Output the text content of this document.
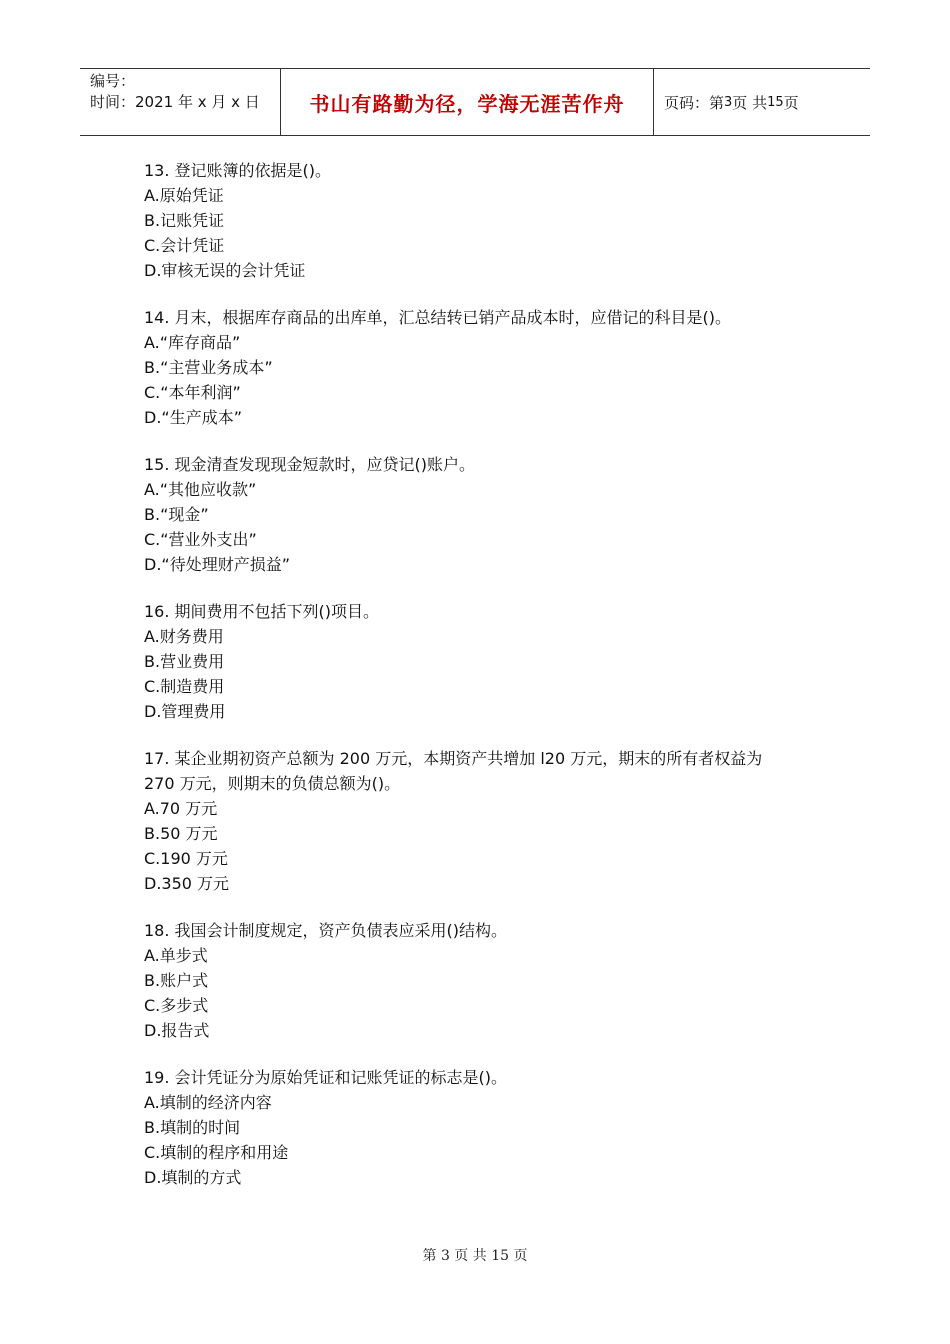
编号：
时间：2021 年 x 月 x 日	书山有路勤为径，学海无涯苦作舟	页码：第 3 页 共 15 页
13. 登记账簿的依据是()。
A.原始凭证
B.记账凭证
C.会计凭证
D.审核无误的会计凭证
14. 月末，根据库存商品的出库单，汇总结转已销产品成本时，应借记的科目是()。
A.“库存商品”
B.“主营业务成本”
C.“本年利润”
D.“生产成本”
15. 现金清查发现现金短款时，应贷记()账户。
A.“其他应收款”
B.“现金”
C.“营业外支出”
D.“待处理财产损益”
16. 期间费用不包括下列()项目。
A.财务费用
B.营业费用
C.制造费用
D.管理费用
17. 某企业期初资产总额为 200 万元，本期资产共增加 l20 万元，期末的所有者权益为
270 万元，则期末的负债总额为()。
A.70 万元
B.50 万元
C.190 万元
D.350 万元
18. 我国会计制度规定，资产负债表应采用()结构。
A.单步式
B.账户式
C.多步式
D.报告式
19. 会计凭证分为原始凭证和记账凭证的标志是()。
A.填制的经济内容
B.填制的时间
C.填制的程序和用途
D.填制的方式
第 3 页 共 15 页
